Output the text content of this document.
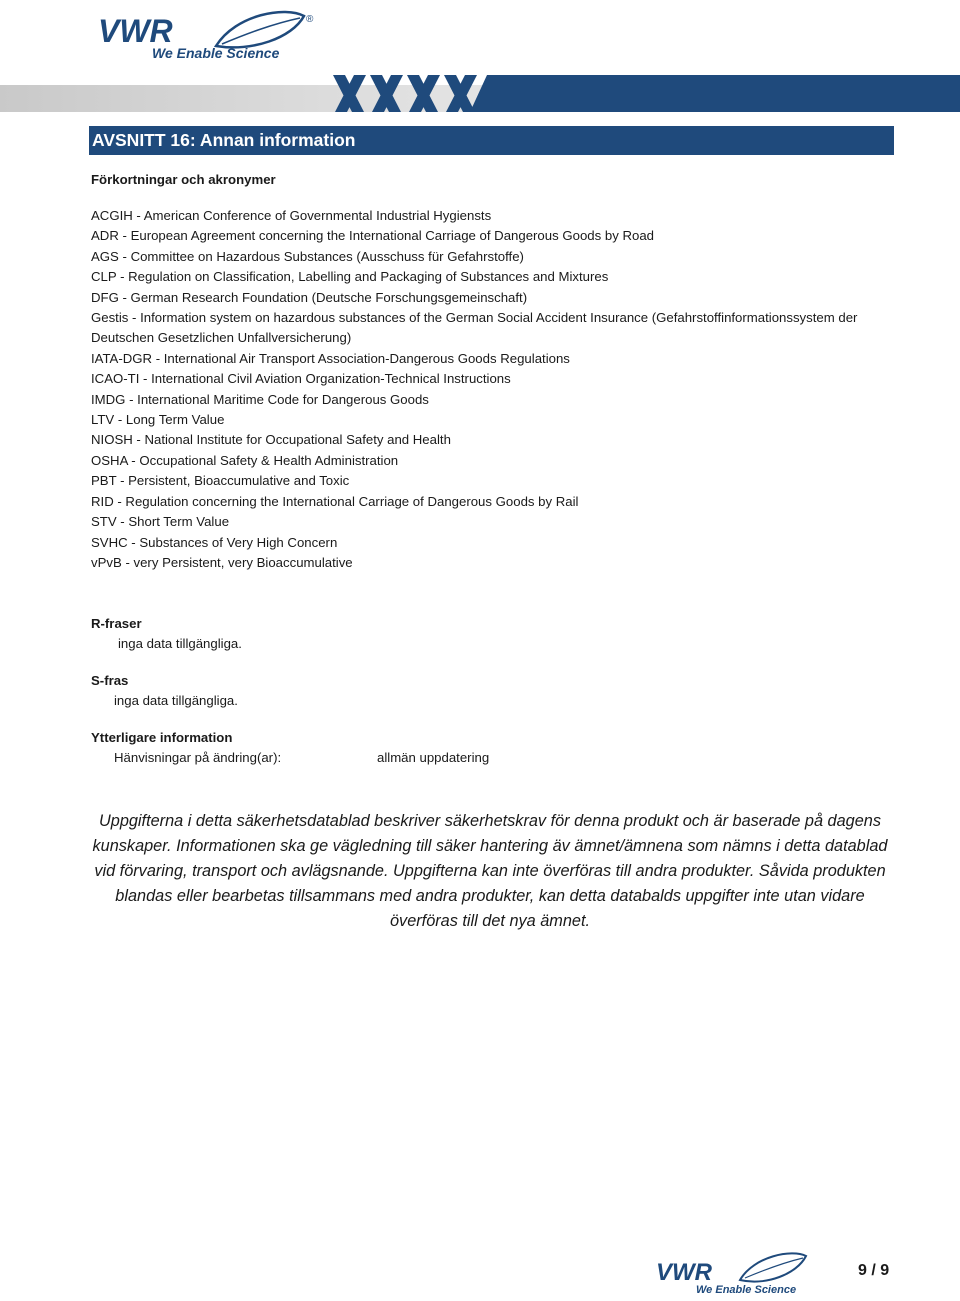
VWR	®
We Enable Science
AVSNITT 16: Annan information
Förkortningar och akronymer
ACGIH - American Conference of Governmental Industrial Hygiensts
ADR - European Agreement concerning the International Carriage of Dangerous Goods by Road
AGS - Committee on Hazardous Substances (Ausschuss für Gefahrstoffe)
CLP - Regulation on Classification, Labelling and Packaging of Substances and Mixtures
DFG - German Research Foundation (Deutsche Forschungsgemeinschaft)
Gestis - Information system on hazardous substances of the German Social Accident Insurance (Gefahrstoffinformationssystem der Deutschen Gesetzlichen Unfallversicherung)
IATA-DGR - International Air Transport Association-Dangerous Goods Regulations
ICAO-TI - International Civil Aviation Organization-Technical Instructions
IMDG - International Maritime Code for Dangerous Goods
LTV - Long Term Value
NIOSH - National Institute for Occupational Safety and Health
OSHA - Occupational Safety & Health Administration
PBT - Persistent, Bioaccumulative and Toxic
RID - Regulation concerning the International Carriage of Dangerous Goods by Rail
STV - Short Term Value
SVHC - Substances of Very High Concern
vPvB - very Persistent, very Bioaccumulative
R-fraser
inga data tillgängliga.
S-fras
inga data tillgängliga.
Ytterligare information
Hänvisningar på ändring(ar):	allmän uppdatering
Uppgifterna i detta säkerhetsdatablad beskriver säkerhetskrav för denna produkt och är baserade på dagens kunskaper. Informationen ska ge vägledning till säker hantering äv ämnet/ämnena som nämns i detta datablad vid förvaring, transport och avlägsnande. Uppgifterna kan inte överföras till andra produkter. Såvida produkten blandas eller bearbetas tillsammans med andra produkter, kan detta databalds uppgifter inte utan vidare överföras till det nya ämnet.
VWR
We Enable Science
9 / 9
